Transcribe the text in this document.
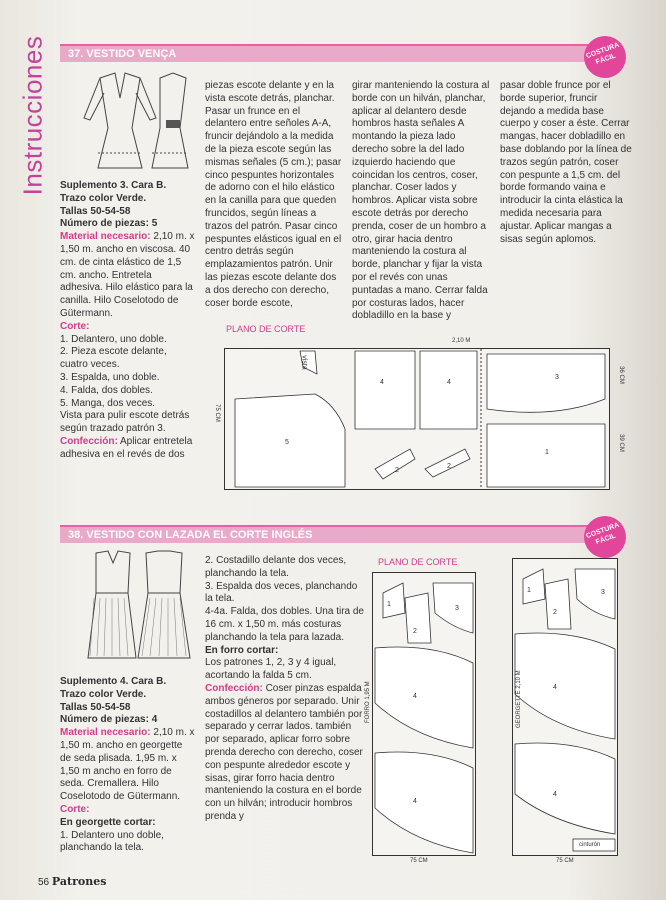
Instrucciones	37. VESTIDO VENÇA	COSTURA FÁCIL

Suplemento 3. Cara B.

Trazo color Verde.

Tallas 50-54-58

Número de piezas: 5

Material necesario: 2,10 m. x 1,50 m. ancho en viscosa. 40 cm. de cinta elástico de 1,5 cm. ancho. Entretela adhesiva. Hilo elástico para la canilla. Hilo Coselotodo de Gütermann.

Corte:

1. Delantero, uno doble.

2. Pieza escote delante, cuatro veces.

3. Espalda, uno doble.

4. Falda, dos dobles.

5. Manga, dos veces.

Vista para pulir escote detrás según trazado patrón 3.

Confección: Aplicar entretela adhesiva en el revés de dos

piezas escote delante y en la vista escote detrás, planchar. Pasar un frunce en el delantero entre señoles A-A, fruncir dejándolo a la medida de la pieza escote según las mismas señales (5 cm.); pasar cinco pespuntes horizontales de adorno con el hilo elástico en la canilla para que queden fruncidos, según líneas a trazos del patrón. Pasar cinco pespuntes elásticos igual en el centro detrás según emplazamientos patrón. Unir las piezas escote delante dos a dos derecho con derecho, coser borde escote,
girar manteniendo la costura al borde con un hilván, planchar, aplicar al delantero desde hombros hasta señales A montando la pieza lado derecho sobre la del lado izquierdo haciendo que coincidan los centros, coser, planchar. Coser lados y hombros. Aplicar vista sobre escote detrás por derecho prenda, coser de un hombro a otro, girar hacia dentro manteniendo la costura al borde, planchar y fijar la vista por el revés con unas puntadas a mano. Cerrar falda por costuras lados, hacer dobladillo en la base y
pasar doble frunce por el borde superior, fruncir dejando a medida base cuerpo y coser a éste. Cerrar mangas, hacer dobladillo en base doblando por la línea de trazos según patrón, coser con pespunte a 1,5 cm. del borde formando vaina e introducir la cinta elástica la medida necesaria para ajustar. Aplicar mangas a sisas según aplomos.
PLANO DE CORTE
2,10 M
75 CM
36 CM
39 CM
vista
5
4	4
2
2
3
1
38. VESTIDO CON LAZADA EL CORTE INGLÉS	COSTURA FÁCIL

Suplemento 4. Cara B.

Trazo color Verde.

Tallas 50-54-58

Número de piezas: 4

Material necesario: 2,10 m. x 1,50 m. ancho en georgette de seda plisada. 1,95 m. x 1,50 m ancho en forro de seda. Cremallera. Hilo Coselotodo de Gütermann.

Corte:

En georgette cortar:

1. Delantero uno doble, planchando la tela.

2. Costadillo delante dos veces, planchando la tela.

3. Espalda dos veces, planchando la tela.

4-4a. Falda, dos dobles. Una tira de 16 cm. x 1,50 m. más costuras planchando la tela para lazada.

En forro cortar:

Los patrones 1, 2, 3 y 4 igual, acortando la falda 5 cm.

Confección: Coser pinzas espalda ambos géneros por separado. Unir costadillos al delantero también por separado y cerrar lados. también por separado, aplicar forro sobre prenda derecho con derecho, coser con pespunte alrededor escote y sisas, girar forro hacia dentro manteniendo la costura en el borde con un hilván; introducir hombros prenda y

PLANO DE CORTE
1
2
3
4
4
FORRO 1,95 M
75 CM
1
2
3
4
4
cinturón
GEORGETTE 2,10 M
75 CM
56 Patrones
